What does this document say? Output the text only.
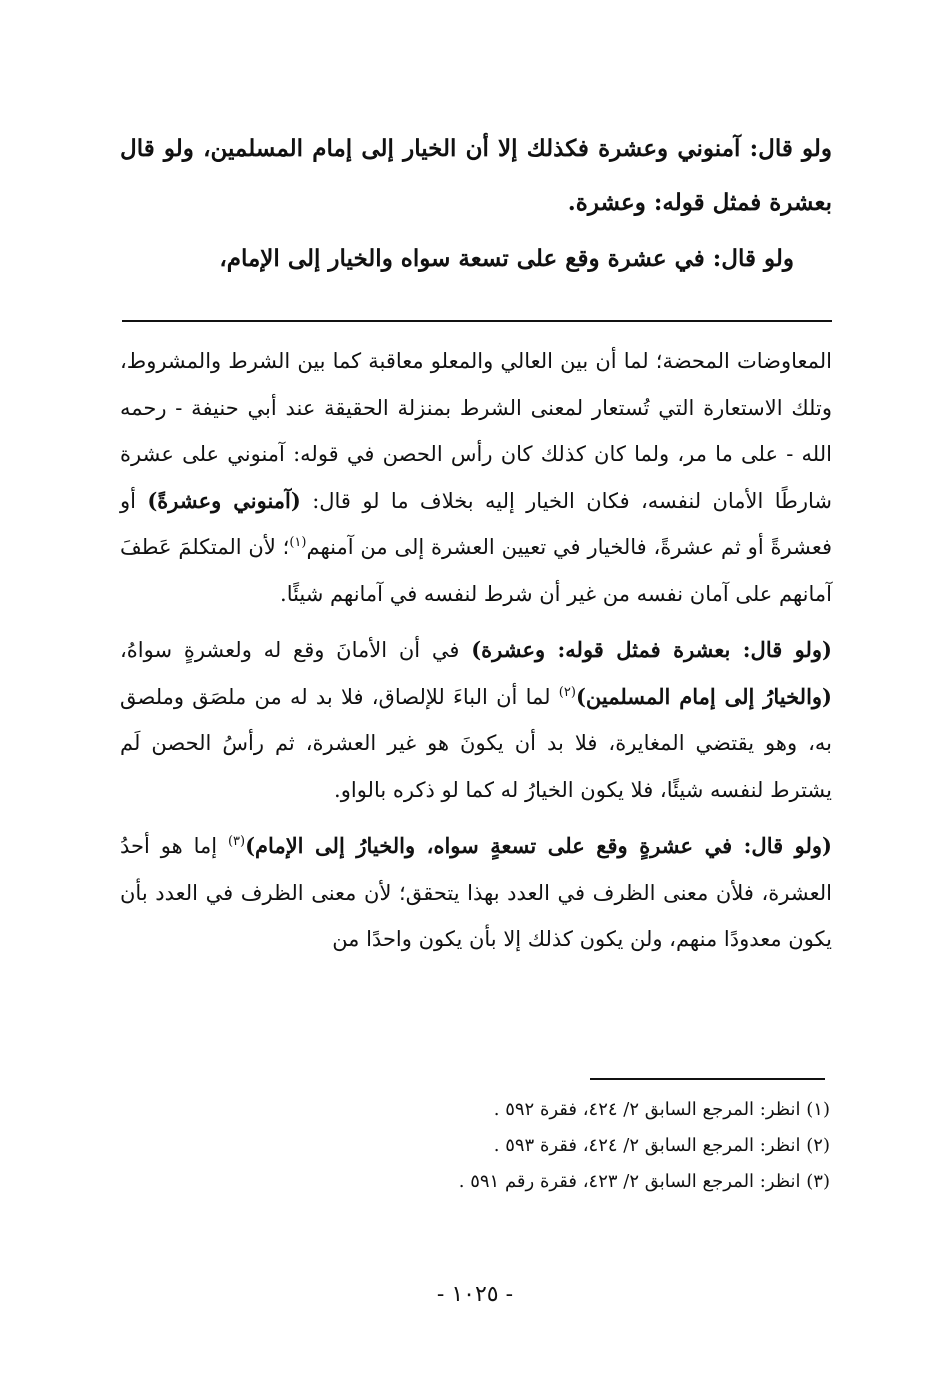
ولو قال: آمنوني وعشرة فكذلك إلا أن الخيار إلى إمام المسلمين، ولو قال بعشرة فمثل قوله: وعشرة.

ولو قال: في عشرة وقع على تسعة سواه والخيار إلى الإمام،

المعاوضات المحضة؛ لما أن بين العالي والمعلو معاقبة كما بين الشرط والمشروط، وتلك الاستعارة التي تُستعار لمعنى الشرط بمنزلة الحقيقة عند أبي حنيفة - رحمه الله - على ما مر، ولما كان كذلك كان رأس الحصن في قوله: آمنوني على عشرة شارطًا الأمان لنفسه، فكان الخيار إليه بخلاف ما لو قال: (آمنوني وعشرةً) أو فعشرةً أو ثم عشرةً، فالخيار في تعيين العشرة إلى من آمنهم$^{(١)}$؛ لأن المتكلمَ عَطفَ آمانهم على آمان نفسه من غير أن شرط لنفسه في آمانهم شيئًا.

(ولو قال: بعشرة فمثل قوله: وعشرة) في أن الأمانَ وقع له ولعشرةٍ سواهُ، (والخيارُ إلى إمام المسلمين)$^{(٢)}$ لما أن الباءَ للإلصاق، فلا بد له من ملصَق وملصق به، وهو يقتضي المغايرة، فلا بد أن يكونَ هو غير العشرة، ثم رأسُ الحصن لَم يشترط لنفسه شيئًا، فلا يكون الخيارُ له كما لو ذكره بالواو.

(ولو قال: في عشرةٍ وقع على تسعةٍ سواه، والخيارُ إلى الإمام)$^{(٣)}$ إما هو أحدُ العشرة، فلأن معنى الظرف في العدد بهذا يتحقق؛ لأن معنى الظرف في العدد بأن يكون معدودًا منهم، ولن يكون كذلك إلا بأن يكون واحدًا من

(١) انظر: المرجع السابق ٢/ ٤٢٤، فقرة ٥٩٢ .
(٢) انظر: المرجع السابق ٢/ ٤٢٤، فقرة ٥٩٣ .
(٣) انظر: المرجع السابق ٢/ ٤٢٣، فقرة رقم ٥٩١ .
- ١٠٢٥ -
